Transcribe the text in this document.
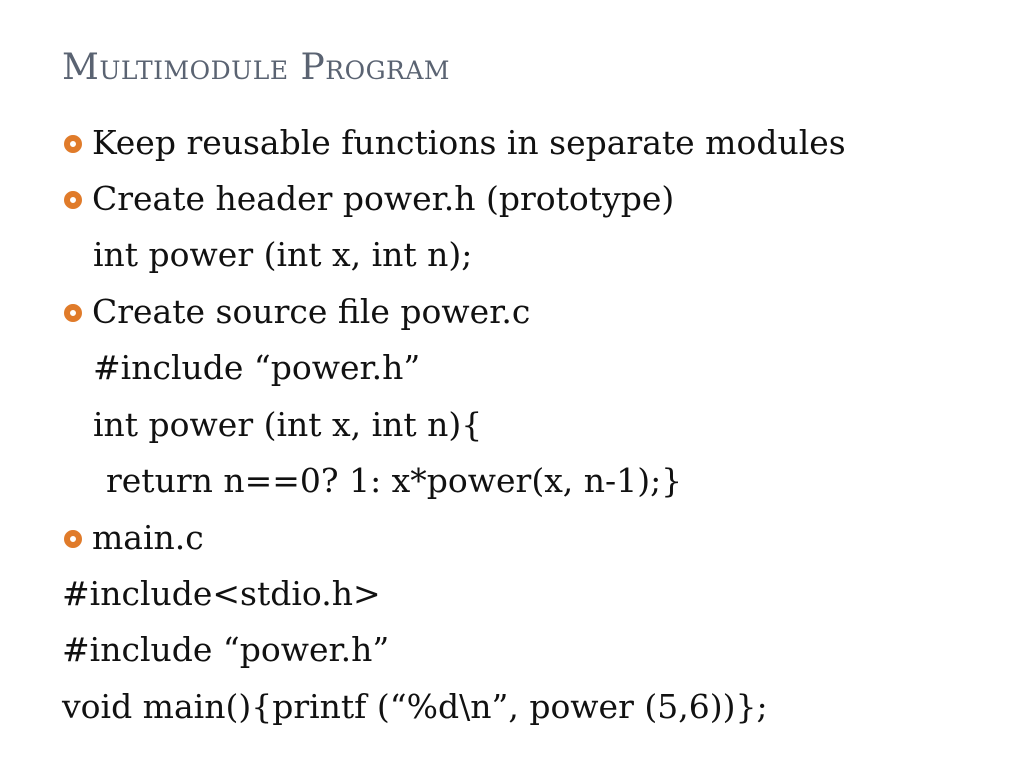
Multimodule Program
Keep reusable functions in separate modules
Create header power.h (prototype)
int power (int x, int n);
Create source file power.c
#include “power.h”
int power (int x, int n){
return n==0? 1: x*power(x, n-1);}
main.c
#include<stdio.h>
#include “power.h”
void main(){printf (“%d\n”, power (5,6))};
